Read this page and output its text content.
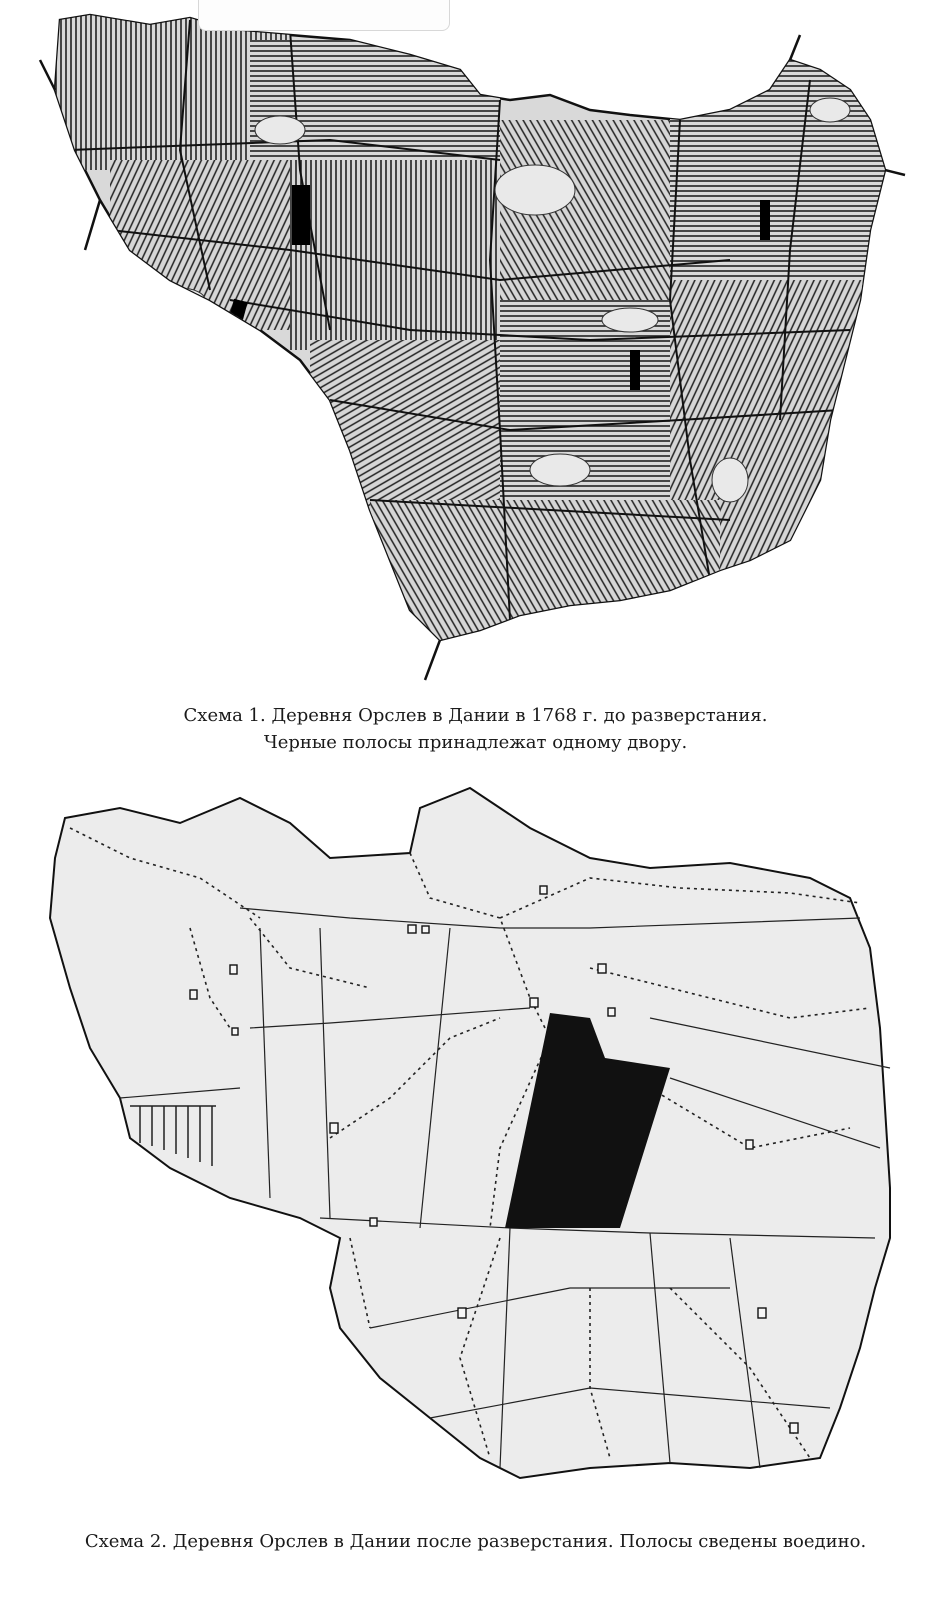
Схема 1. Деревня Орслев в Дании в 1768 г. до разверстания.
Черные полосы принадлежат одному двору.
Схема 2. Деревня Орслев в Дании после разверстания. Полосы сведены воедино.
